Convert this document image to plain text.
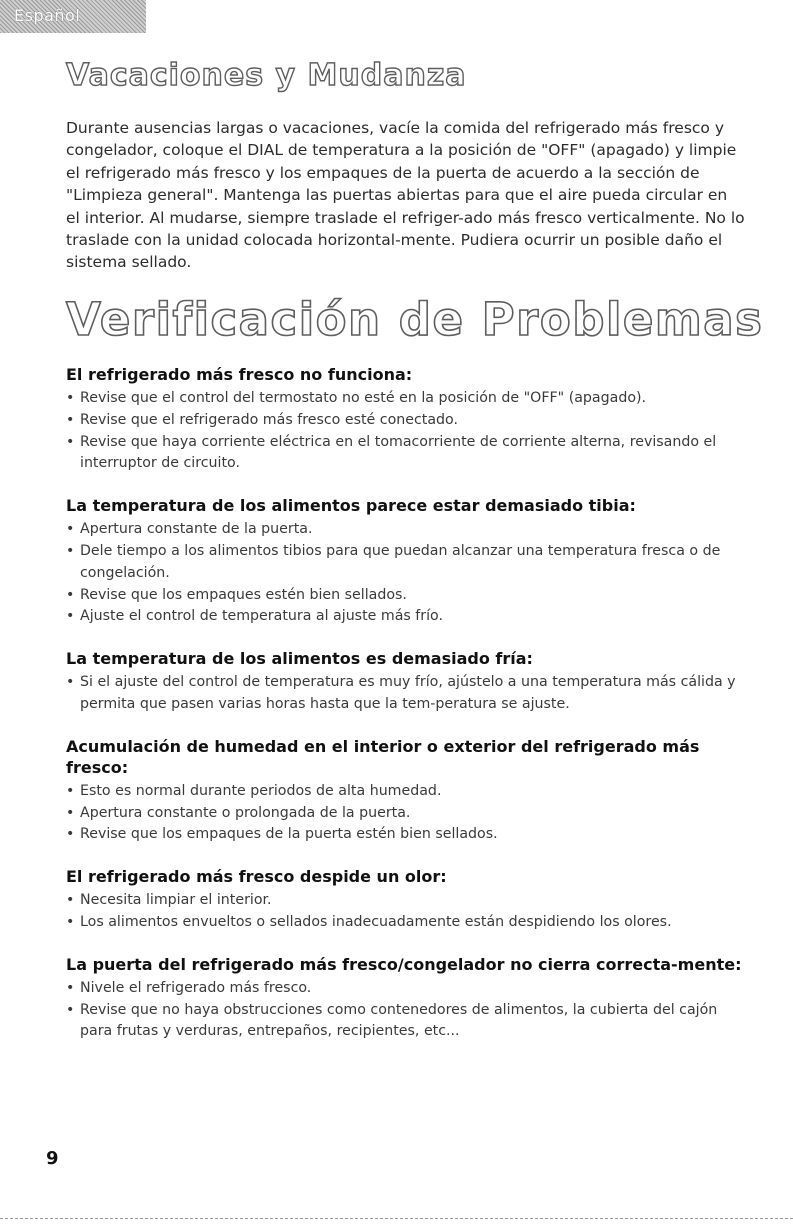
Español
Vacaciones y Mudanza

Durante ausencias largas o vacaciones, vacíe la comida del refrigerado más fresco y congelador, coloque el DIAL de temperatura a la posición de "OFF" (apagado) y limpie el refrigerado más fresco y los empaques de la puerta de acuerdo a la sección de "Limpieza general". Mantenga las puertas abiertas para que el aire pueda circular en el interior. Al mudarse, siempre traslade el refriger-ado más fresco verticalmente. No lo traslade con la unidad colocada horizontal-mente. Pudiera ocurrir un posible daño el sistema sellado.

Verificación de Problemas
El refrigerado más fresco no funciona:
• Revise que el control del termostato no esté en la posición de "OFF" (apagado).
• Revise que el refrigerado más fresco esté conectado.
• Revise que haya corriente eléctrica en el tomacorriente de corriente alterna, revisando el interruptor de circuito.
La temperatura de los alimentos parece estar demasiado tibia:
• Apertura constante de la puerta.
• Dele tiempo a los alimentos tibios para que puedan alcanzar una temperatura fresca o de congelación.
• Revise que los empaques estén bien sellados.
• Ajuste el control de temperatura al ajuste más frío.
La temperatura de los alimentos es demasiado fría:
• Si el ajuste del control de temperatura es muy frío, ajústelo a una temperatura más cálida y permita que pasen varias horas hasta que la tem-peratura se ajuste.
Acumulación de humedad en el interior o exterior del refrigerado más fresco:
• Esto es normal durante periodos de alta humedad.
• Apertura constante o prolongada de la puerta.
• Revise que los empaques de la puerta estén bien sellados.
El refrigerado más fresco despide un olor:
• Necesita limpiar el interior.
• Los alimentos envueltos o sellados inadecuadamente están despidiendo los olores.
La puerta del refrigerado más fresco/congelador no cierra correcta-mente:
• Nivele el refrigerado más fresco.
• Revise que no haya obstrucciones como contenedores de alimentos, la cubierta del cajón para frutas y verduras, entrepaños, recipientes, etc...
9
